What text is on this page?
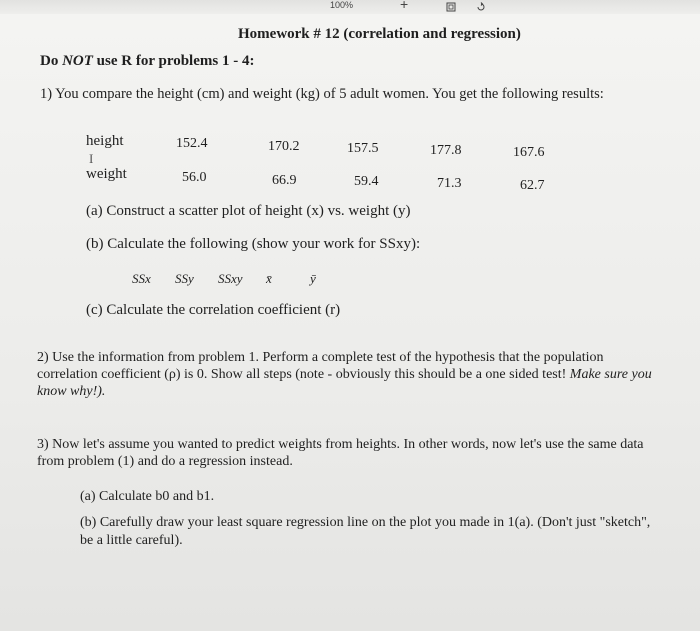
100%	+
Homework # 12 (correlation and regression)
Do NOT use R for problems 1 - 4:
1) You compare the height (cm) and weight (kg) of 5 adult women. You get the following results:
height	152.4	170.2	157.5	177.8	167.6
I
weight	56.0	66.9	59.4	71.3	62.7
(a) Construct a scatter plot of height (x) vs. weight (y)
(b) Calculate the following (show your work for SSxy):
SSx SSy SSxy x̄	ȳ
(c) Calculate the correlation coefficient (r)
2) Use the information from problem 1. Perform a complete test of the hypothesis that the population
correlation coefficient (ρ) is 0. Show all steps (note - obviously this should be a one sided test! Make sure you
know why!).
3) Now let's assume you wanted to predict weights from heights. In other words, now let's use the same data
from problem (1) and do a regression instead.
(a) Calculate b0 and b1.
(b) Carefully draw your least square regression line on the plot you made in 1(a). (Don't just "sketch",
be a little careful).
